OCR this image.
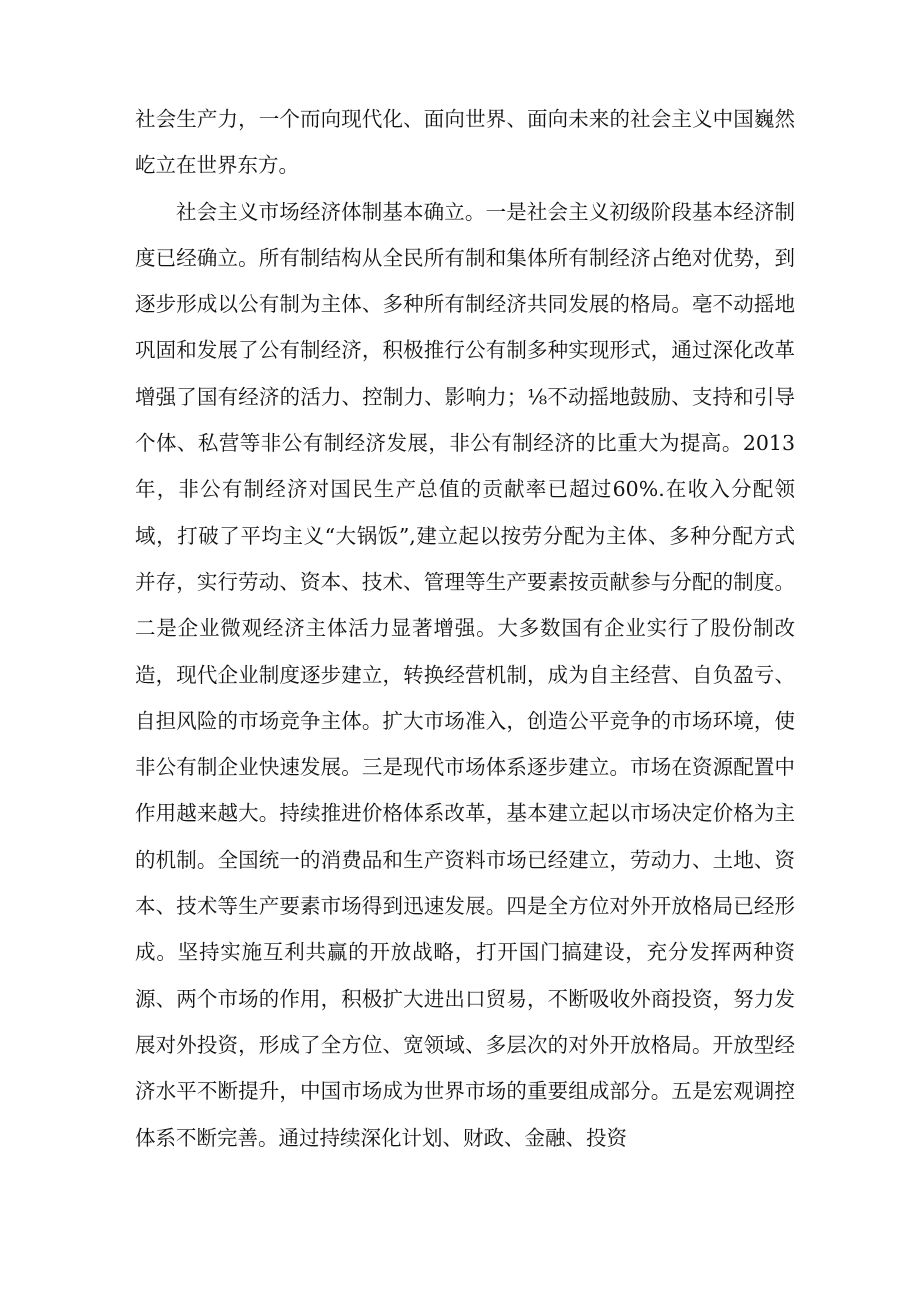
社会生产力，一个而向现代化、面向世界、面向未来的社会主义中国巍然屹立在世界东方。

社会主义市场经济体制基本确立。一是社会主义初级阶段基本经济制度已经确立。所有制结构从全民所有制和集体所有制经济占绝对优势，到逐步形成以公有制为主体、多种所有制经济共同发展的格局。亳不动摇地巩固和发展了公有制经济，积极推行公有制多种实现形式，通过深化改革增强了国有经济的活力、控制力、影响力；⅛不动摇地鼓励、支持和引导个体、私营等非公有制经济发展，非公有制经济的比重大为提高。2013年，非公有制经济对国民生产总值的贡献率已超过60%.在收入分配领域，打破了平均主义“大锅饭”,建立起以按劳分配为主体、多种分配方式并存，实行劳动、资本、技术、管理等生产要素按贡献参与分配的制度。二是企业微观经济主体活力显著增强。大多数国有企业实行了股份制改造，现代企业制度逐步建立，转换经营机制，成为自主经营、自负盈亏、自担风险的市场竞争主体。扩大市场准入，创造公平竞争的市场环境，使非公有制企业快速发展。三是现代市场体系逐步建立。市场在资源配置中作用越来越大。持续推进价格体系改革，基本建立起以市场决定价格为主的机制。全国统一的消费品和生产资料市场已经建立，劳动力、土地、资本、技术等生产要素市场得到迅速发展。四是全方位对外开放格局已经形成。坚持实施互利共赢的开放战略，打开国门搞建设，充分发挥两种资源、两个市场的作用，积极扩大进出口贸易，不断吸收外商投资，努力发展对外投资，形成了全方位、宽领域、多层次的对外开放格局。开放型经济水平不断提升，中国市场成为世界市场的重要组成部分。五是宏观调控体系不断完善。通过持续深化计划、财政、金融、投资
